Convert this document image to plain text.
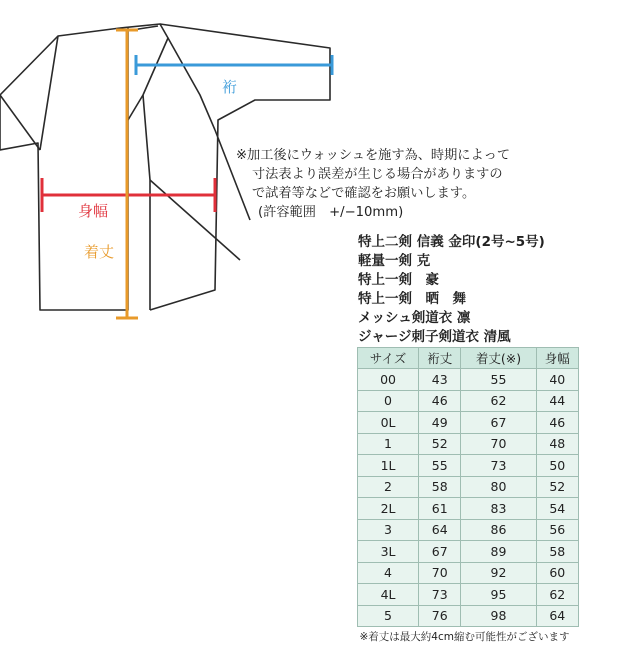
裄
身幅
着丈
※加工後にウォッシュを施す為、時期によって
寸法表より誤差が生じる場合がありますの
で試着等などで確認をお願いします。
(許容範囲　+/−10mm)
特上二剣 信義 金印(2号~5号)
軽量一剣 克
特上一剣　豪
特上一剣　晒　舞
メッシュ剣道衣 凛
ジャージ刺子剣道衣 清風
サイズ	裄丈	着丈(※)	身幅
00	43	55	40
0	46	62	44
0L	49	67	46
1	52	70	48
1L	55	73	50
2	58	80	52
2L	61	83	54
3	64	86	56
3L	67	89	58
4	70	92	60
4L	73	95	62
5	76	98	64
※着丈は最大約4cm縮む可能性がございます			
